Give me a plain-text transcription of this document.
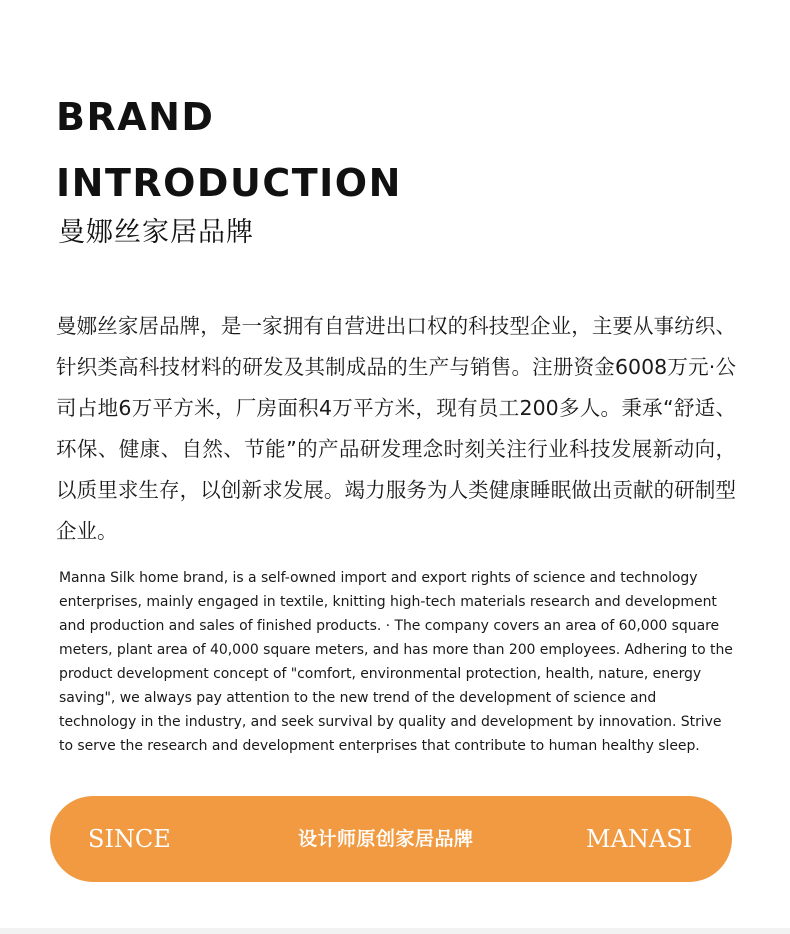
BRAND
INTRODUCTION
曼娜丝家居品牌

曼娜丝家居品牌，是一家拥有自营进出口权的科技型企业，主要从事纺织、针织类高科技材料的研发及其制成品的生产与销售。注册资金6008万元·公司占地6万平方米，厂房面积4万平方米，现有员工200多人。秉承“舒适、环保、健康、自然、节能”的产品研发理念时刻关注行业科技发展新动向，以质里求生存，以创新求发展。竭力服务为人类健康睡眠做出贡献的研制型企业。

Manna Silk home brand, is a self-owned import and export rights of science and technology enterprises, mainly engaged in textile, knitting high-tech materials research and development and production and sales of finished products. · The company covers an area of 60,000 square meters, plant area of 40,000 square meters, and has more than 200 employees. Adhering to the product development concept of "comfort, environmental protection, health, nature, energy saving", we always pay attention to the new trend of the development of science and technology in the industry, and seek survival by quality and development by innovation. Strive to serve the research and development enterprises that contribute to human healthy sleep.

SINCE	设计师原创家居品牌	MANASI
